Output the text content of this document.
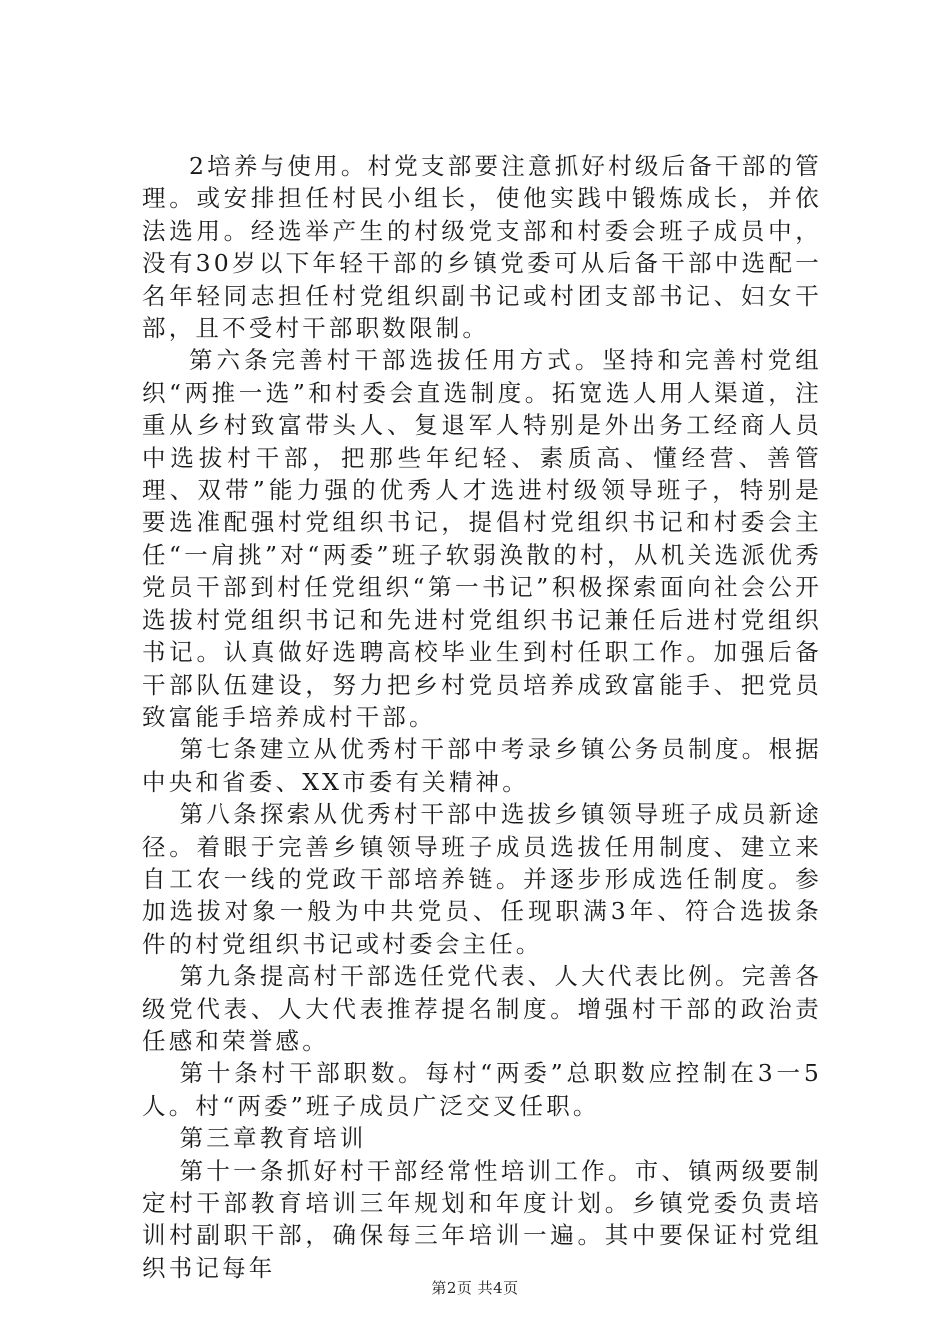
2培养与使用。村党支部要注意抓好村级后备干部的管理。或安排担任村民小组长，使他实践中锻炼成长，并依法选用。经选举产生的村级党支部和村委会班子成员中，没有30岁以下年轻干部的乡镇党委可从后备干部中选配一名年轻同志担任村党组织副书记或村团支部书记、妇女干部，且不受村干部职数限制。

第六条完善村干部选拔任用方式。坚持和完善村党组织“两推一选”和村委会直选制度。拓宽选人用人渠道，注重从乡村致富带头人、复退军人特别是外出务工经商人员中选拔村干部，把那些年纪轻、素质高、懂经营、善管理、双带”能力强的优秀人才选进村级领导班子，特别是要选准配强村党组织书记，提倡村党组织书记和村委会主任“一肩挑”对“两委”班子软弱涣散的村，从机关选派优秀党员干部到村任党组织“第一书记”积极探索面向社会公开选拔村党组织书记和先进村党组织书记兼任后进村党组织书记。认真做好选聘高校毕业生到村任职工作。加强后备干部队伍建设，努力把乡村党员培养成致富能手、把党员致富能手培养成村干部。

第七条建立从优秀村干部中考录乡镇公务员制度。根据中央和省委、XX市委有关精神。

第八条探索从优秀村干部中选拔乡镇领导班子成员新途径。着眼于完善乡镇领导班子成员选拔任用制度、建立来自工农一线的党政干部培养链。并逐步形成选任制度。参加选拔对象一般为中共党员、任现职满3年、符合选拔条件的村党组织书记或村委会主任。

第九条提高村干部选任党代表、人大代表比例。完善各级党代表、人大代表推荐提名制度。增强村干部的政治责任感和荣誉感。

第十条村干部职数。每村“两委”总职数应控制在3一5人。村“两委”班子成员广泛交叉任职。

第三章教育培训

第十一条抓好村干部经常性培训工作。市、镇两级要制定村干部教育培训三年规划和年度计划。乡镇党委负责培训村副职干部，确保每三年培训一遍。其中要保证村党组织书记每年

第2页 共4页
